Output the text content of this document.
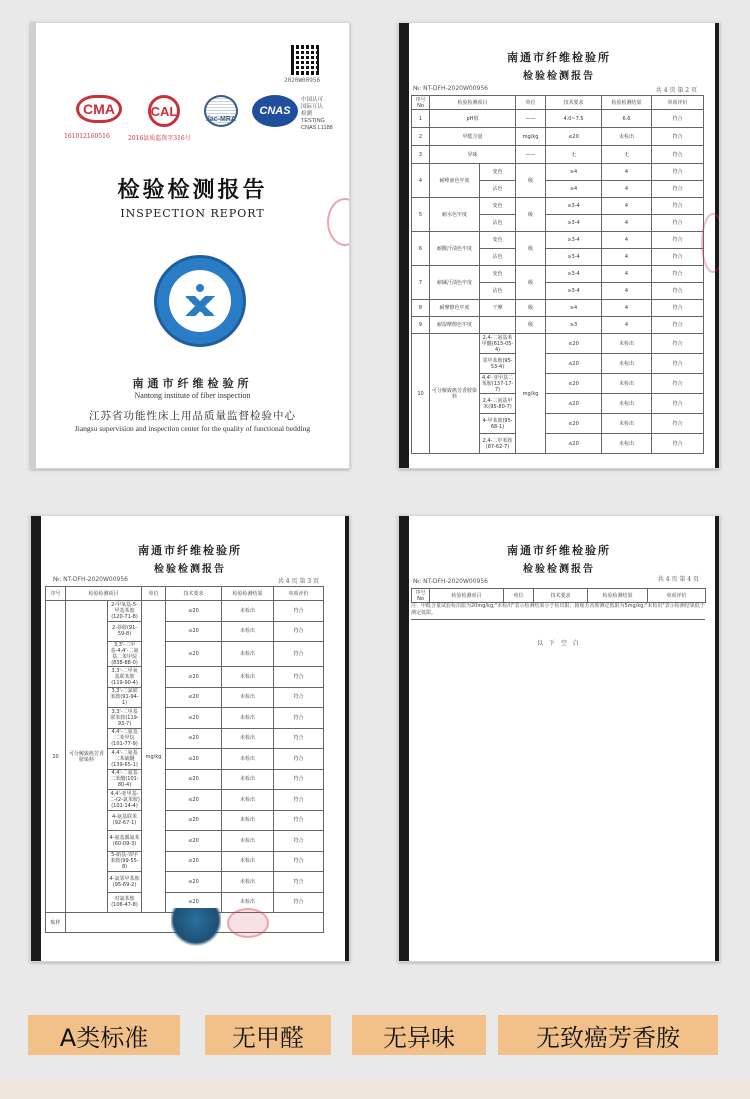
2020W00956
CMA
161012160516
CAL
2016县质监资字316号
ilac-MRA
CNAS
中国认可
国际互认
检测
TESTING
CNAS L1188
检验检测报告
INSPECTION REPORT
南通市纤维检验所
Nantong institute of fiber inspection
江苏省功能性床上用品质量监督检验中心
Jiangsu supervision and inspection center for the quality of functional bedding
南通市纤维检验所
检验检测报告
№: NT-DFH-2020W00956	共 4 页 第 2 页
序号 No	检验检测项目		单位	技术要求	检验检测结果	单项评价
1	pH值		——	4.0~7.5	6.6	符合
2	甲醛含量		mg/kg	≤20	未检出	符合
3	异味		——	无	无	符合
4	耐唾液色牢度	变色	级	≥4	4	符合
		沾色		≥4	4	符合
5	耐水色牢度	变色	级	≥3-4	4	符合
		沾色		≥3-4	4	符合
6	耐酸汗渍色牢度	变色	级	≥3-4	4	符合
		沾色		≥3-4	4	符合
7	耐碱汗渍色牢度	变色	级	≥3-4	4	符合
		沾色		≥3-4	4	符合
8	耐摩擦色牢度	干摩	级	≥4	4	符合
9	耐湿摩擦色牢度		级	≥3	4	符合
10	可分解致癌芳香胺染料	2,4-二氨基苯甲醚(615-05-4)	mg/kg	≤20	未检出	符合
		邻甲苯胺(95-53-4)		≤20	未检出	符合
		4,4'-亚甲基二苯胺(137-17-7)		≤20	未检出	符合
		2,4-二氨基甲苯(95-80-7)		≤20	未检出	符合
		4-甲苯胺(95-68-1)		≤20	未检出	符合
		2,4-二甲苯胺(87-62-7)		≤20	未检出	符合
南通市纤维检验所
检验检测报告
№: NT-DFH-2020W00956	共 4 页 第 3 页
序号	检验检测项目		单位	技术要求	检验检测结果	单项评价
10	可分解致癌芳香胺染料	2-甲氧基-5-甲基苯胺(120-71-8)	mg/kg	≤20	未检出	符合
		2-萘胺(91-59-8)		≤20	未检出	符合
		3,3'-二甲基-4,4'-二氨基二苯甲烷(838-88-0)		≤20	未检出	符合
		3,3'-二甲氧基联苯胺(119-90-4)		≤20	未检出	符合
		3,3'-二氯联苯胺(91-94-1)		≤20	未检出	符合
		3,3'-二甲基联苯胺(119-93-7)		≤20	未检出	符合
		4,4'-二氨基二苯甲烷(101-77-9)		≤20	未检出	符合
		4,4'-二氨基二苯硫醚(139-65-1)		≤20	未检出	符合
		4,4'-二氨基二苯醚(101-80-4)		≤20	未检出	符合
		4,4'-亚甲基-二-(2-氯苯胺)(101-14-4)		≤20	未检出	符合
		4-氨基联苯(92-67-1)		≤20	未检出	符合
		4-氨基偶氮苯(60-09-3)		≤20	未检出	符合
		5-硝基-邻甲苯胺(99-55-8)		≤20	未检出	符合
		4-氯邻甲苯胺(95-69-2)		≤20	未检出	符合
		对氯苯胺(106-47-8)		≤20	未检出	符合
贴样						
南通市纤维检验所
检验检测报告
№: NT-DFH-2020W00956	共 4 页 第 4 页
序号 No	检验检测项目	单位	技术要求	检验检测结果	单项评价
注：甲醛含量试验检出限为20mg/kg;"未检出"表示检测结果小于检出限；致癌芳香胺测定低限为5mg/kg;"未检出"表示检测结果低于测定低限。
以 下 空 白
A类标准	无甲醛	无异味	无致癌芳香胺
